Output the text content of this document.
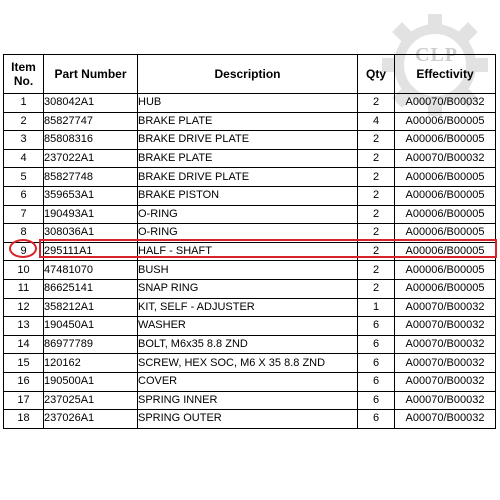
CLP
Item No.	Part Number	Description	Qty	Effectivity
1	308042A1	HUB	2	A00070/B00032
2	85827747	BRAKE PLATE	4	A00006/B00005
3	85808316	BRAKE DRIVE PLATE	2	A00006/B00005
4	237022A1	BRAKE PLATE	2	A00070/B00032
5	85827748	BRAKE DRIVE PLATE	2	A00006/B00005
6	359653A1	BRAKE PISTON	2	A00006/B00005
7	190493A1	O-RING	2	A00006/B00005
8	308036A1	O-RING	2	A00006/B00005
9	295111A1	HALF - SHAFT	2	A00006/B00005
10	47481070	BUSH	2	A00006/B00005
11	86625141	SNAP RING	2	A00006/B00005
12	358212A1	KIT, SELF - ADJUSTER	1	A00070/B00032
13	190450A1	WASHER	6	A00070/B00032
14	86977789	BOLT, M6x35 8.8 ZND	6	A00070/B00032
15	120162	SCREW, HEX SOC, M6 X 35 8.8 ZND	6	A00070/B00032
16	190500A1	COVER	6	A00070/B00032
17	237025A1	SPRING INNER	6	A00070/B00032
18	237026A1	SPRING OUTER	6	A00070/B00032
